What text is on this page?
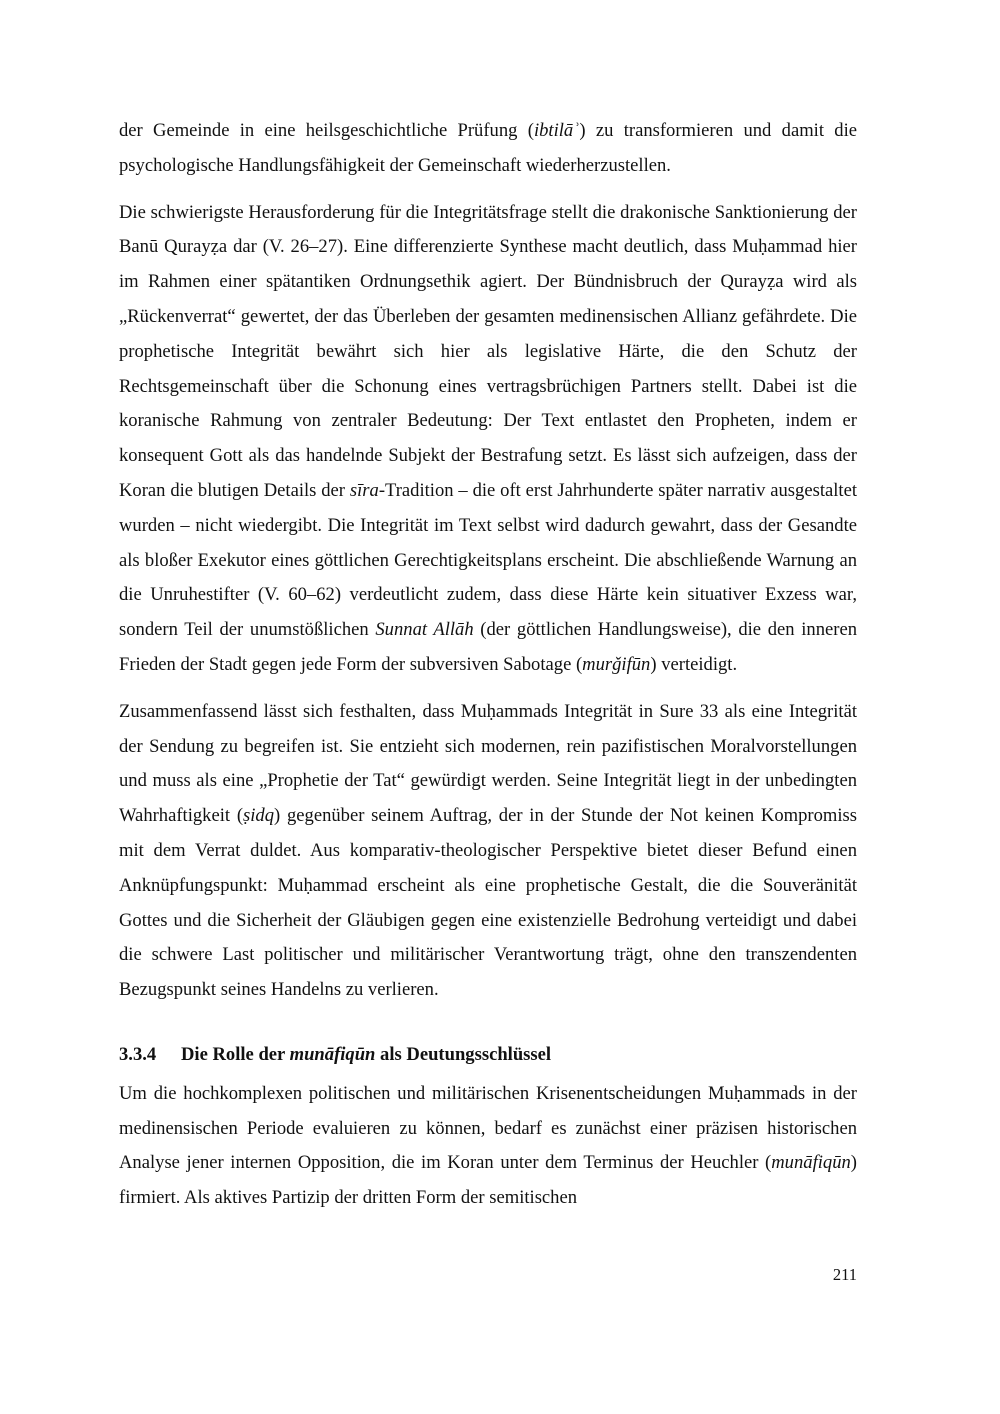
der Gemeinde in eine heilsgeschichtliche Prüfung (ibtilāʾ) zu transformieren und damit die psychologische Handlungsfähigkeit der Gemeinschaft wiederherzustellen.

Die schwierigste Herausforderung für die Integritätsfrage stellt die drakonische Sanktionierung der Banū Qurayẓa dar (V. 26–27). Eine differenzierte Synthese macht deutlich, dass Muḥammad hier im Rahmen einer spätantiken Ordnungsethik agiert. Der Bündnisbruch der Qurayẓa wird als „Rückenverrat“ gewertet, der das Überleben der gesamten medinensischen Allianz gefährdete. Die prophetische Integrität bewährt sich hier als legislative Härte, die den Schutz der Rechtsgemeinschaft über die Schonung eines vertragsbrüchigen Partners stellt. Dabei ist die koranische Rahmung von zentraler Bedeutung: Der Text entlastet den Propheten, indem er konsequent Gott als das handelnde Subjekt der Bestrafung setzt. Es lässt sich aufzeigen, dass der Koran die blutigen Details der sīra-Tradition – die oft erst Jahrhunderte später narrativ ausgestaltet wurden – nicht wiedergibt. Die Integrität im Text selbst wird dadurch gewahrt, dass der Gesandte als bloßer Exekutor eines göttlichen Gerechtigkeitsplans erscheint. Die abschließende Warnung an die Unruhestifter (V. 60–62) verdeutlicht zudem, dass diese Härte kein situativer Exzess war, sondern Teil der unumstößlichen Sunnat Allāh (der göttlichen Handlungsweise), die den inneren Frieden der Stadt gegen jede Form der subversiven Sabotage (murǧifūn) verteidigt.

Zusammenfassend lässt sich festhalten, dass Muḥammads Integrität in Sure 33 als eine Integrität der Sendung zu begreifen ist. Sie entzieht sich modernen, rein pazifistischen Moralvorstellungen und muss als eine „Prophetie der Tat“ gewürdigt werden. Seine Integrität liegt in der unbedingten Wahrhaftigkeit (ṣidq) gegenüber seinem Auftrag, der in der Stunde der Not keinen Kompromiss mit dem Verrat duldet. Aus komparativ-theologischer Perspektive bietet dieser Befund einen Anknüpfungspunkt: Muḥammad erscheint als eine prophetische Gestalt, die die Souveränität Gottes und die Sicherheit der Gläubigen gegen eine existenzielle Bedrohung verteidigt und dabei die schwere Last politischer und militärischer Verantwortung trägt, ohne den transzendenten Bezugspunkt seines Handelns zu verlieren.

3.3.4 Die Rolle der munāfiqūn als Deutungsschlüssel

Um die hochkomplexen politischen und militärischen Krisenentscheidungen Muḥammads in der medinensischen Periode evaluieren zu können, bedarf es zunächst einer präzisen historischen Analyse jener internen Opposition, die im Koran unter dem Terminus der Heuchler (munāfiqūn) firmiert. Als aktives Partizip der dritten Form der semitischen

211
